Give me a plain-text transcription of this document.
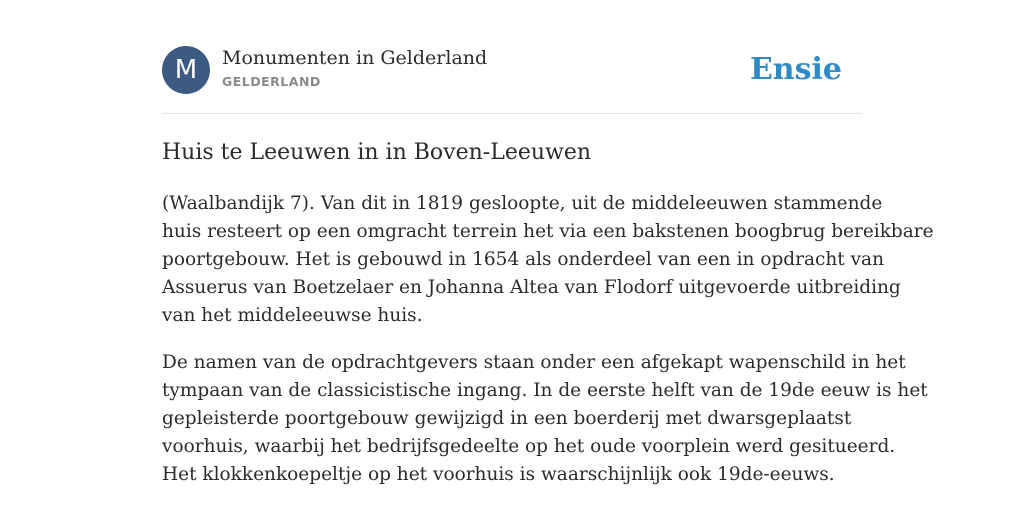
M	Monumenten in Gelderland
GELDERLAND	Ensie
Huis te Leeuwen in in Boven-Leeuwen

(Waalbandijk 7). Van dit in 1819 gesloopte, uit de middeleeuwen stammende
huis resteert op een omgracht terrein het via een bakstenen boogbrug bereikbare
poortgebouw. Het is gebouwd in 1654 als onderdeel van een in opdracht van
Assuerus van Boetzelaer en Johanna Altea van Flodorf uitgevoerde uitbreiding
van het middeleeuwse huis.

De namen van de opdrachtgevers staan onder een afgekapt wapenschild in het
tympaan van de classicistische ingang. In de eerste helft van de 19de eeuw is het
gepleisterde poortgebouw gewijzigd in een boerderij met dwarsgeplaatst
voorhuis, waarbij het bedrijfsgedeelte op het oude voorplein werd gesitueerd.
Het klokkenkoepeltje op het voorhuis is waarschijnlijk ook 19de-eeuws.
